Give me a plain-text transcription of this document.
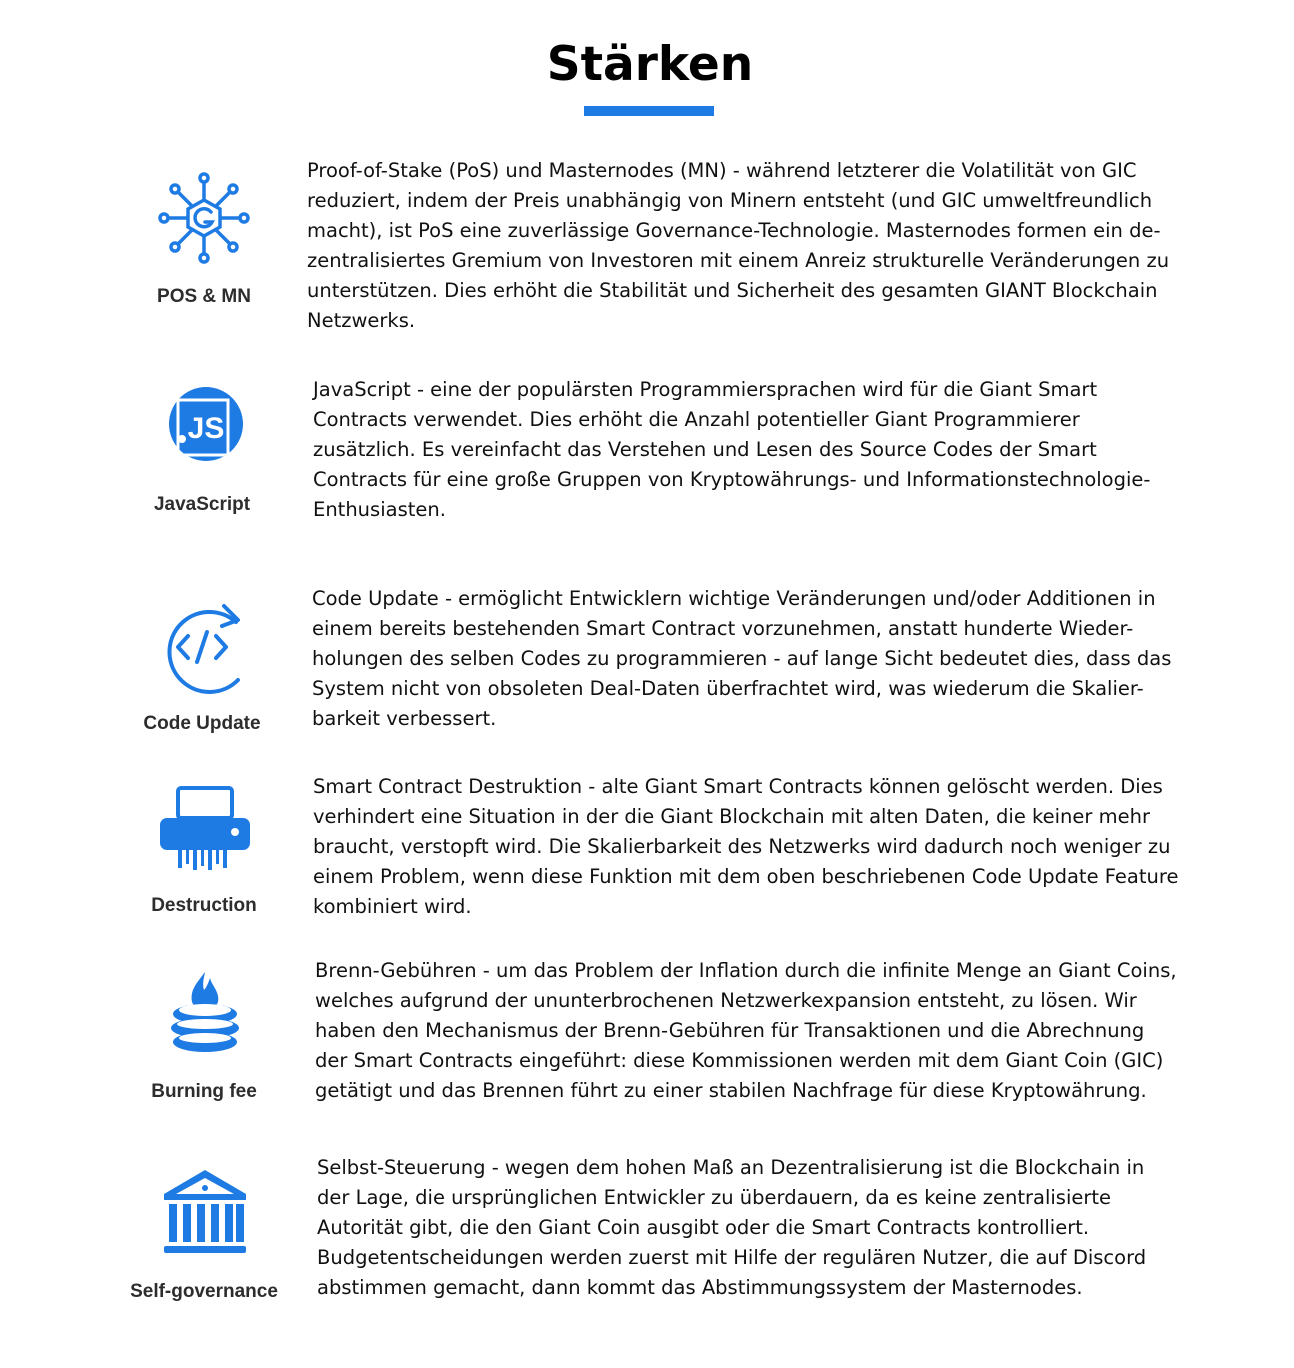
Stärken
POS & MN
Proof-of-Stake (PoS) und Masternodes (MN) - während letzterer die Volatilität von GIC
reduziert, indem der Preis unabhängig von Minern entsteht (und GIC umweltfreundlich
macht), ist PoS eine zuverlässige Governance-Technologie. Masternodes formen ein de-
zentralisiertes Gremium von Investoren mit einem Anreiz strukturelle Veränderungen zu
unterstützen. Dies erhöht die Stabilität und Sicherheit des gesamten GIANT Blockchain
Netzwerks.
JS
JavaScript
JavaScript - eine der populärsten Programmiersprachen wird für die Giant Smart
Contracts verwendet. Dies erhöht die Anzahl potentieller Giant Programmierer
zusätzlich. Es vereinfacht das Verstehen und Lesen des Source Codes der Smart
Contracts für eine große Gruppen von Kryptowährungs- und Informationstechnologie-
Enthusiasten.
Code Update
Code Update - ermöglicht Entwicklern wichtige Veränderungen und/oder Additionen in
einem bereits bestehenden Smart Contract vorzunehmen, anstatt hunderte Wieder-
holungen des selben Codes zu programmieren - auf lange Sicht bedeutet dies, dass das
System nicht von obsoleten Deal-Daten überfrachtet wird, was wiederum die Skalier-
barkeit verbessert.
Destruction
Smart Contract Destruktion - alte Giant Smart Contracts können gelöscht werden. Dies
verhindert eine Situation in der die Giant Blockchain mit alten Daten, die keiner mehr
braucht, verstopft wird. Die Skalierbarkeit des Netzwerks wird dadurch noch weniger zu
einem Problem, wenn diese Funktion mit dem oben beschriebenen Code Update Feature
kombiniert wird.
Burning fee
Brenn-Gebühren - um das Problem der Inflation durch die infinite Menge an Giant Coins,
welches aufgrund der ununterbrochenen Netzwerkexpansion entsteht, zu lösen. Wir
haben den Mechanismus der Brenn-Gebühren für Transaktionen und die Abrechnung
der Smart Contracts eingeführt: diese Kommissionen werden mit dem Giant Coin (GIC)
getätigt und das Brennen führt zu einer stabilen Nachfrage für diese Kryptowährung.
Self-governance
Selbst-Steuerung - wegen dem hohen Maß an Dezentralisierung ist die Blockchain in
der Lage, die ursprünglichen Entwickler zu überdauern, da es keine zentralisierte
Autorität gibt, die den Giant Coin ausgibt oder die Smart Contracts kontrolliert.
Budgetentscheidungen werden zuerst mit Hilfe der regulären Nutzer, die auf Discord
abstimmen gemacht, dann kommt das Abstimmungssystem der Masternodes.
